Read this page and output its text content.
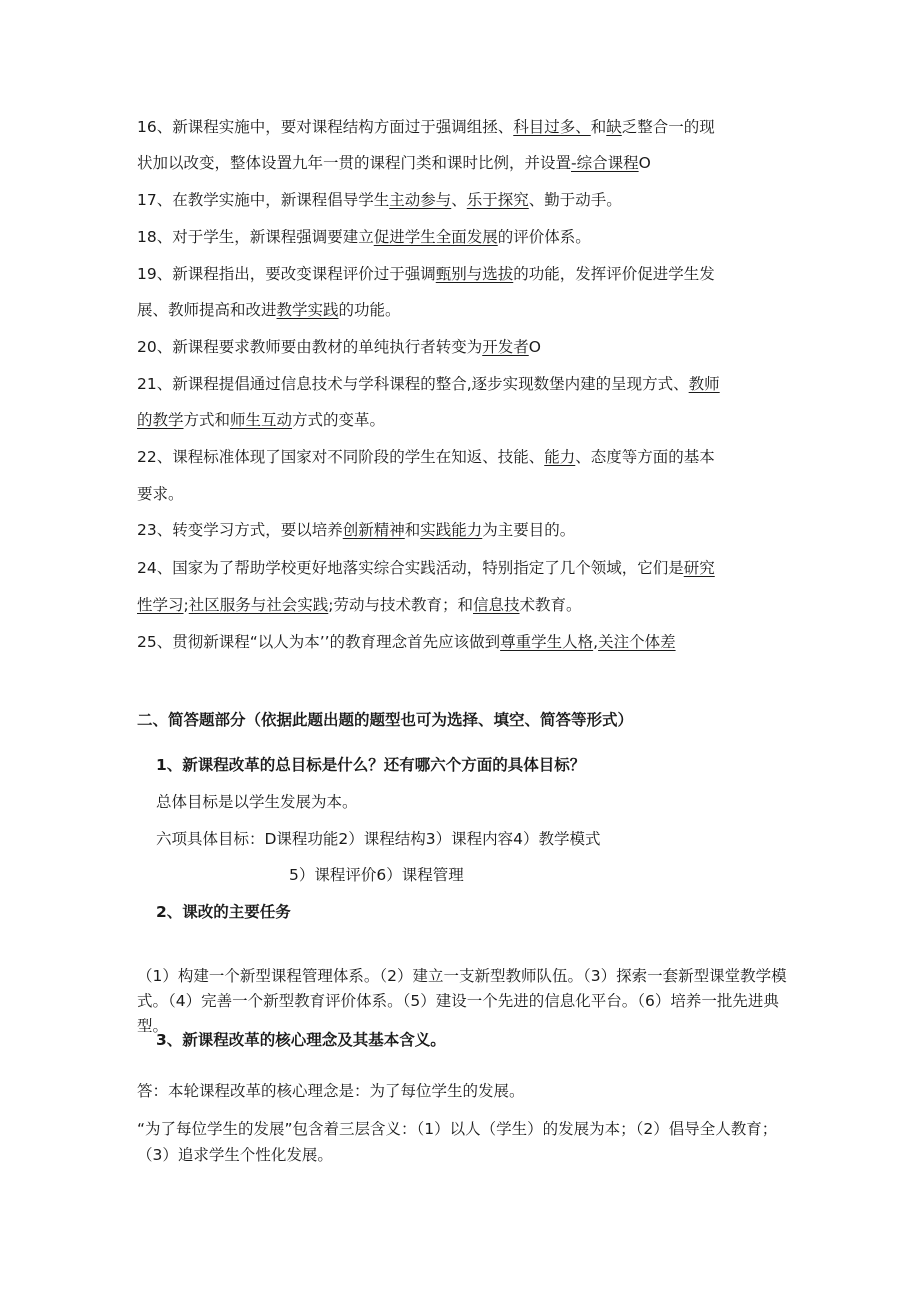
16、新课程实施中，要对课程结构方面过于强调组拯、科目过多、和缺乏整合一的现
状加以改变，整体设置九年一贯的课程门类和课时比例，并设置-综合课程O
17、在教学实施中，新课程倡导学生主动参与、乐于探究、勤于动手。
18、对于学生，新课程强调要建立促进学生全面发展的评价体系。
19、新课程指出，要改变课程评价过于强调甄别与选拔的功能，发挥评价促进学生发
展、教师提高和改进教学实践的功能。
20、新课程要求教师要由教材的单纯执行者转变为开发者O
21、新课程提倡通过信息技术与学科课程的整合,逐步实现数堡内建的呈现方式、教师
的教学方式和师生互动方式的变革。
22、课程标准体现了国家对不同阶段的学生在知返、技能、能力、态度等方面的基本
要求。
23、转变学习方式，要以培养创新精神和实践能力为主要目的。
24、国家为了帮助学校更好地落实综合实践活动，特别指定了几个领域，它们是研究
性学习;社区服务与社会实践;劳动与技术教育；和信息技术教育。
25、贯彻新课程“以人为本’’的教育理念首先应该做到尊重学生人格,关注个体差
二、简答题部分（依据此题出题的题型也可为选择、填空、简答等形式）
1、新课程改革的总目标是什么？还有哪六个方面的具体目标？
总体目标是以学生发展为本。
六项具体目标：D课程功能2）课程结构3）课程内容4）教学模式
5）课程评价6）课程管理
2、课改的主要任务
（1）构建一个新型课程管理体系。（2）建立一支新型教师队伍。（3）探索一套新型课堂教学模式。（4）完善一个新型教育评价体系。（5）建设一个先进的信息化平台。（6）培养一批先进典型。
3、新课程改革的核心理念及其基本含义。
答：本轮课程改革的核心理念是：为了每位学生的发展。
“为了每位学生的发展”包含着三层含义：（1）以人（学生）的发展为本；（2）倡导全人教育；（3）追求学生个性化发展。
